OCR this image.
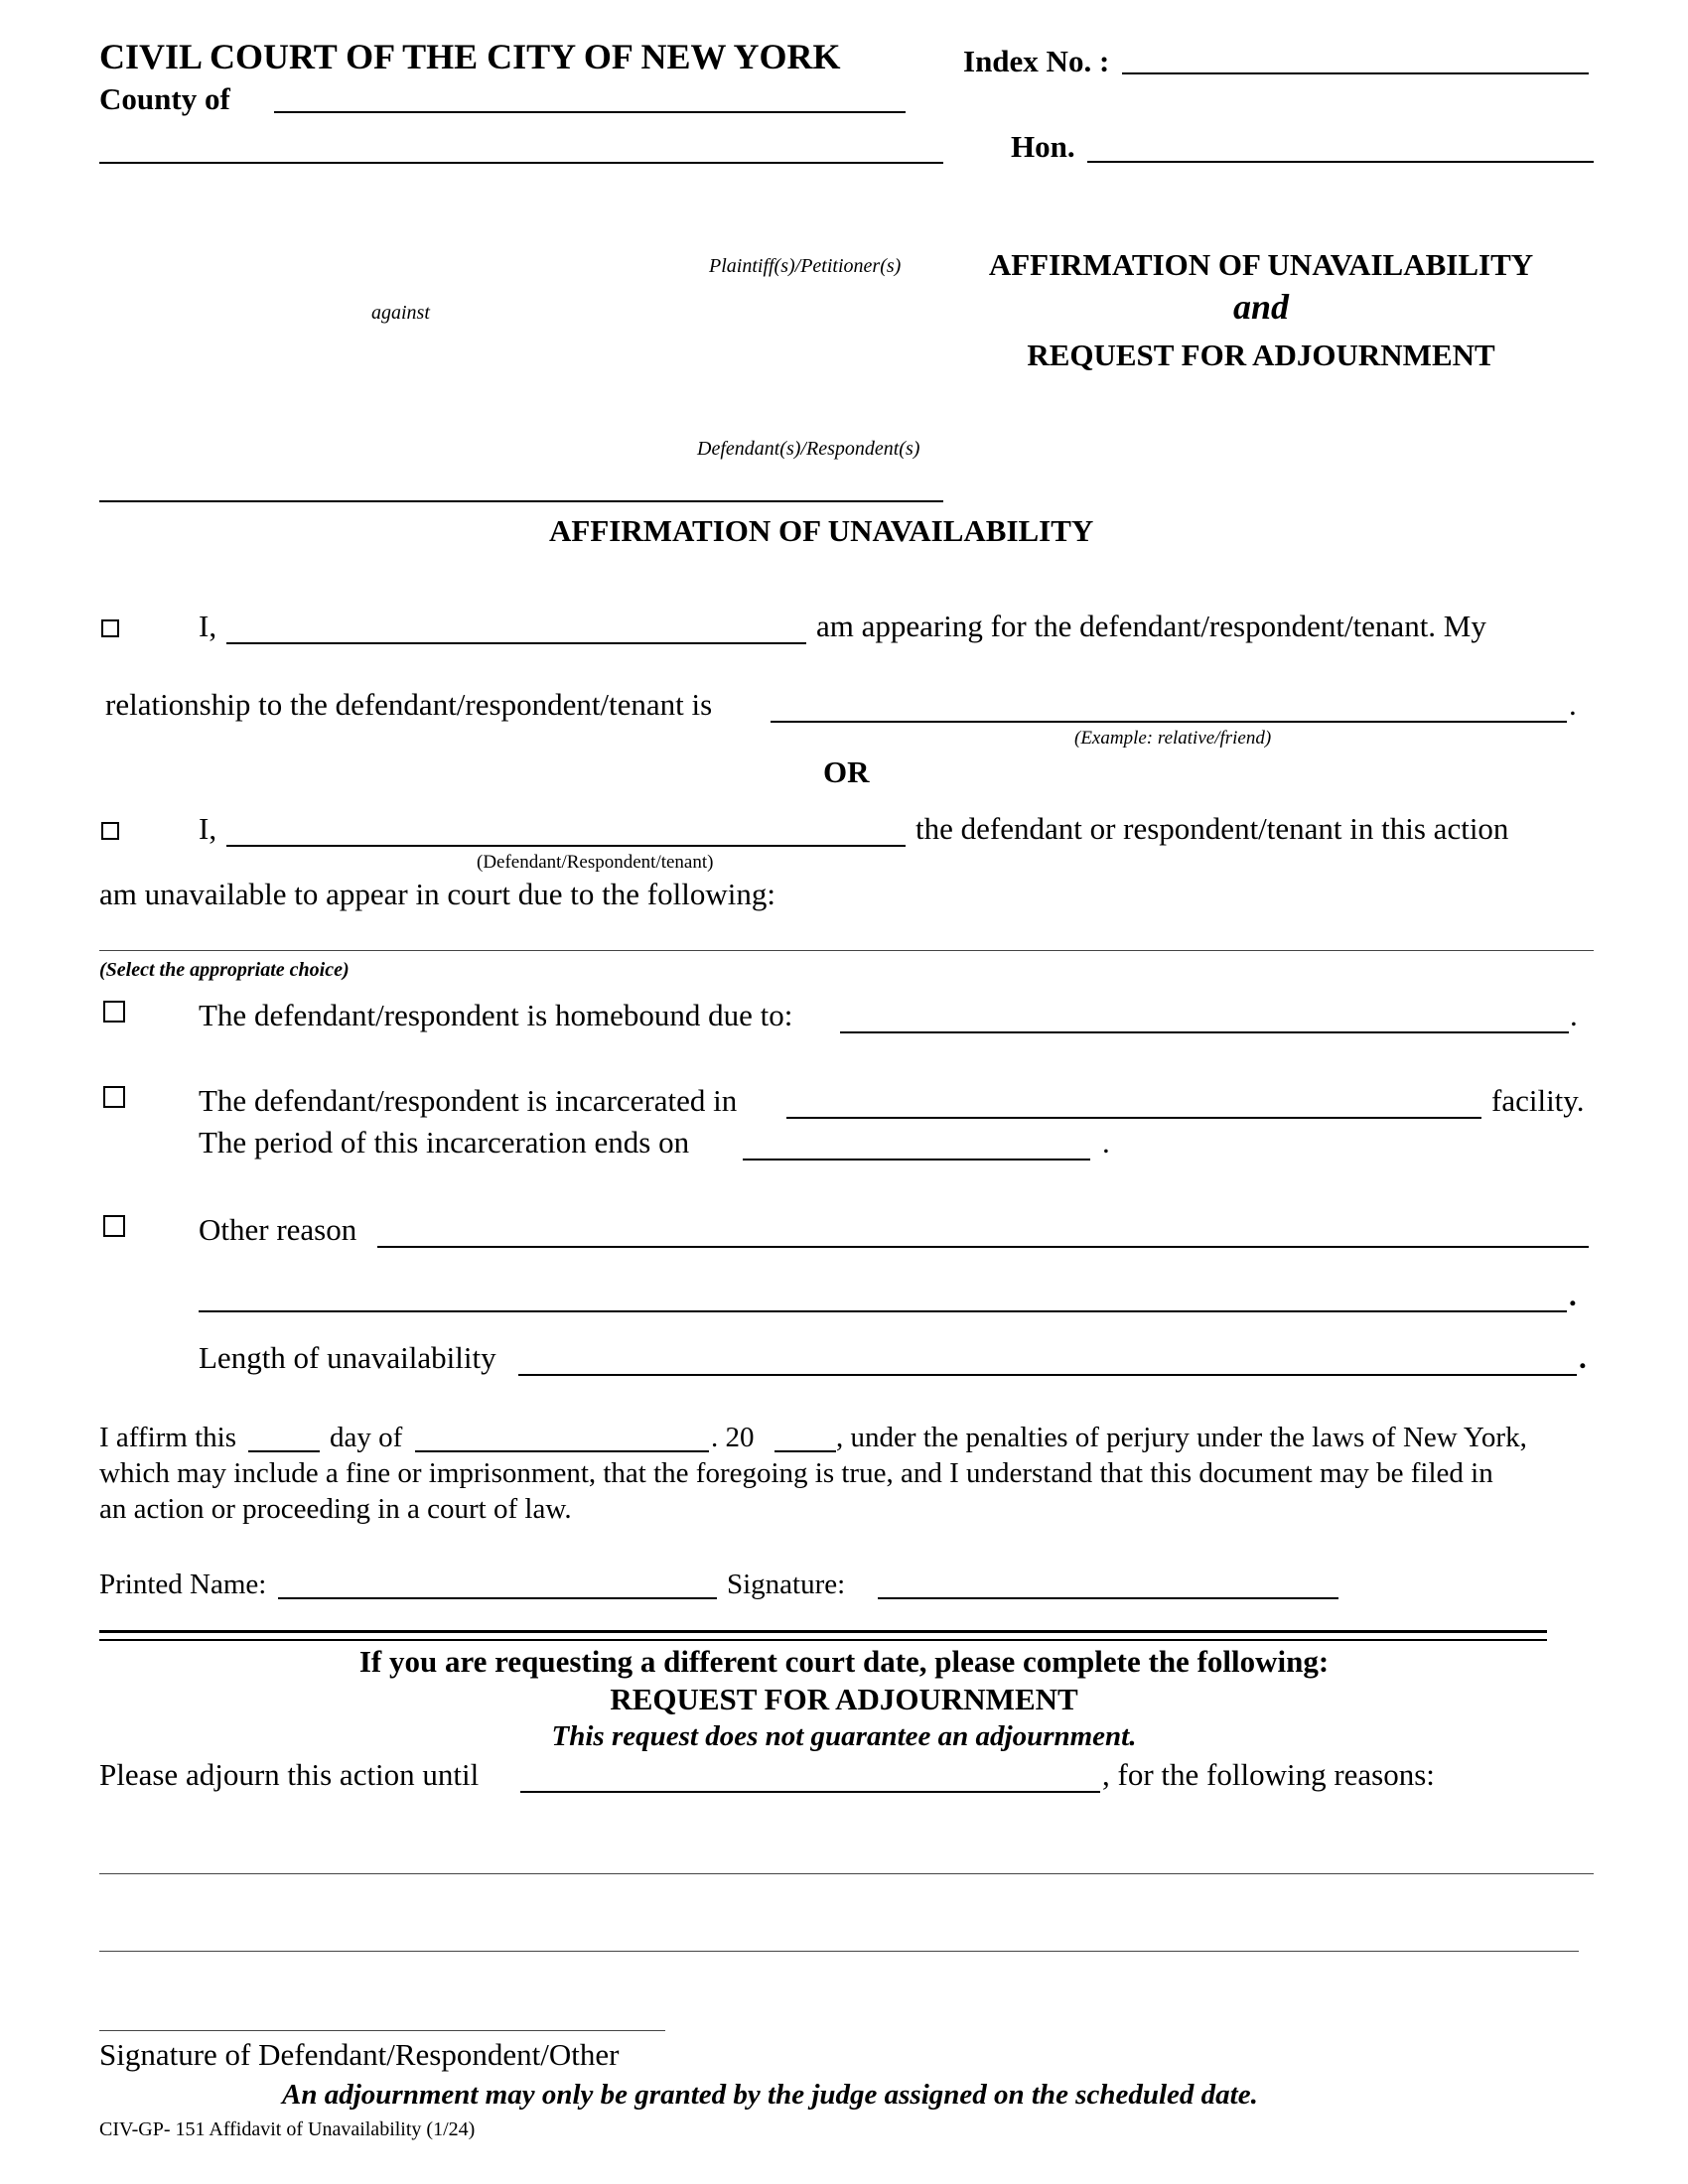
CIVIL COURT OF THE CITY OF NEW YORK	Index No. :
County of
Hon.
Plaintiff(s)/Petitioner(s)
against
Defendant(s)/Respondent(s)
AFFIRMATION OF UNAVAILABILITY
and
REQUEST FOR ADJOURNMENT
AFFIRMATION OF UNAVAILABILITY
I,	am appearing for the defendant/respondent/tenant. My
relationship to the defendant/respondent/tenant is	.
(Example: relative/friend)
OR
I,	the defendant or respondent/tenant in this action
(Defendant/Respondent/tenant)
am unavailable to appear in court due to the following:
(Select the appropriate choice)
The defendant/respondent is homebound due to:	.
The defendant/respondent is incarcerated in	facility.
The period of this incarceration ends on	.
Other reason
.
Length of unavailability	.
I affirm this	day of	. 20	, under the penalties of perjury under the laws of New York,
which may include a fine or imprisonment, that the foregoing is true, and I understand that this document may be filed in
an action or proceeding in a court of law.
Printed Name:	Signature:
If you are requesting a different court date, please complete the following:
REQUEST FOR ADJOURNMENT
This request does not guarantee an adjournment.
Please adjourn this action until	, for the following reasons:
Signature of Defendant/Respondent/Other
An adjournment may only be granted by the judge assigned on the scheduled date.
CIV-GP- 151 Affidavit of Unavailability (1/24)
